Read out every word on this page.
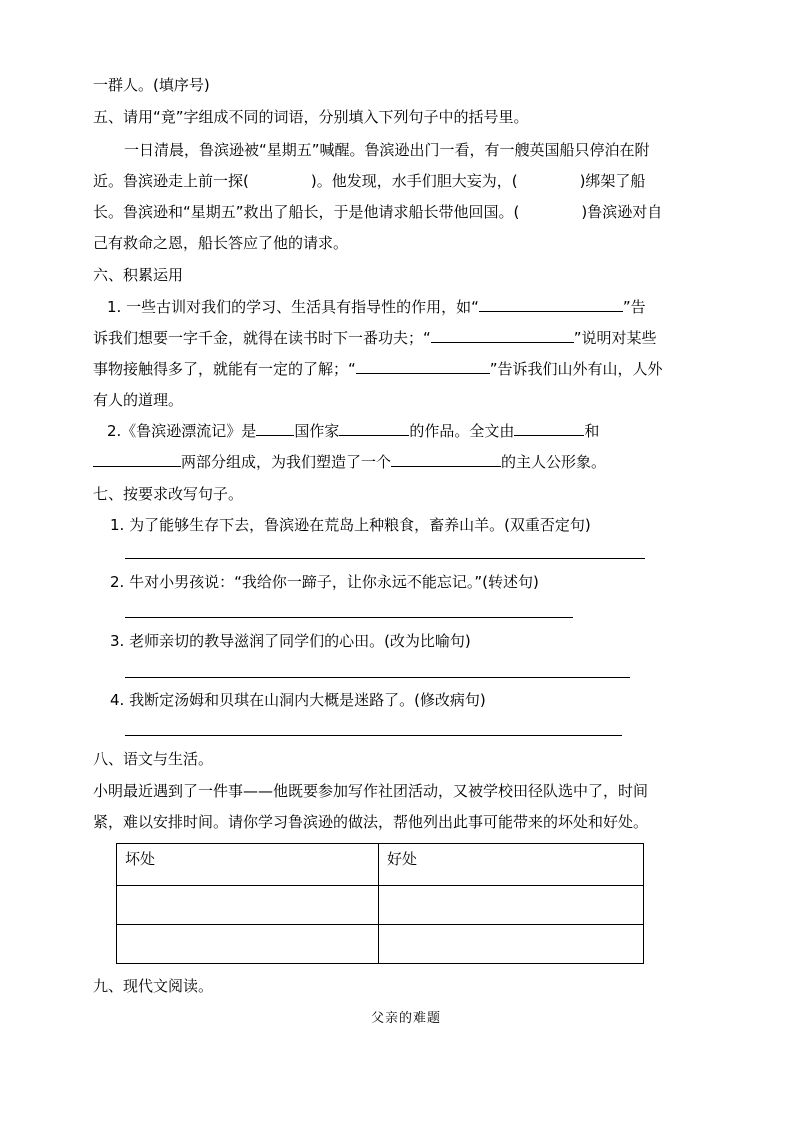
一群人。(填序号)
五、请用“竟”字组成不同的词语，分别填入下列句子中的括号里。
一日清晨，鲁滨逊被“星期五”喊醒。鲁滨逊出门一看，有一艘英国船只停泊在附
近。鲁滨逊走上前一探(	)。他发现，水手们胆大妄为，(	)绑架了船
长。鲁滨逊和“星期五”救出了船长，于是他请求船长带他回国。(	)鲁滨逊对自
己有救命之恩，船长答应了他的请求。
六、积累运用
1. 一些古训对我们的学习、生活具有指导性的作用，如“	”告
诉我们想要一字千金，就得在读书时下一番功夫；“	”说明对某些
事物接触得多了，就能有一定的了解；“	”告诉我们山外有山，人外
有人的道理。
2.《鲁滨逊漂流记》是	国作家	的作品。全文由	和
两部分组成，为我们塑造了一个	的主人公形象。
七、按要求改写句子。
1. 为了能够生存下去，鲁滨逊在荒岛上种粮食，畜养山羊。(双重否定句)
2. 牛对小男孩说：“我给你一蹄子，让你永远不能忘记。”(转述句)
3. 老师亲切的教导滋润了同学们的心田。(改为比喻句)
4. 我断定汤姆和贝琪在山洞内大概是迷路了。(修改病句)
八、语文与生活。
小明最近遇到了一件事——他既要参加写作社团活动，又被学校田径队选中了，时间
紧，难以安排时间。请你学习鲁滨逊的做法，帮他列出此事可能带来的坏处和好处。
坏处	好处

九、现代文阅读。
父亲的难题
